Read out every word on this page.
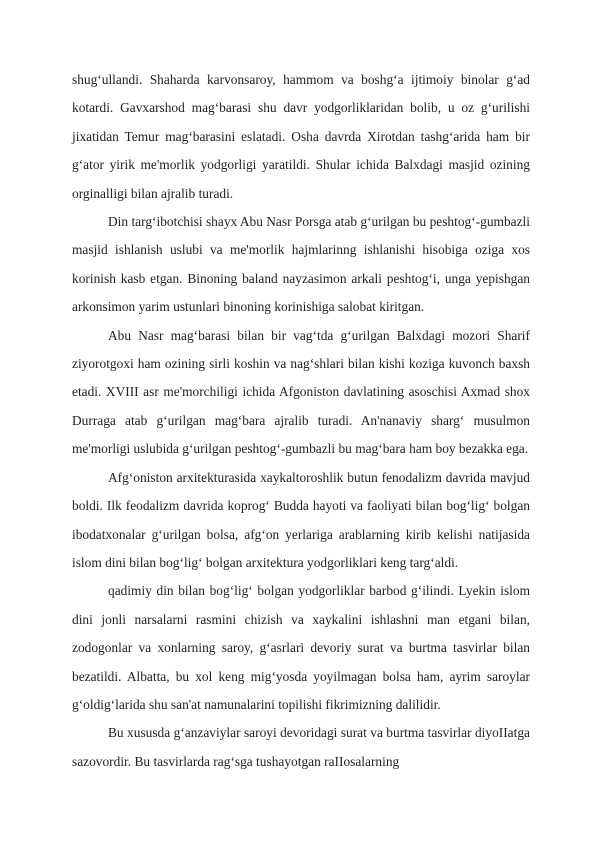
shug‘ullandi. Shaharda karvonsaroy, hammom va boshg‘a ijtimoiy binolar g‘ad kotardi. Gavxarshod mag‘barasi shu davr yodgorliklaridan bolib, u oz g‘urilishi jixatidan Temur mag‘barasini eslatadi. Osha davrda Xirotdan tashg‘arida ham bir g‘ator yirik me'morlik yodgorligi yaratildi. Shular ichida Balxdagi masjid ozining orginalligi bilan ajralib turadi.

Din targ‘ibotchisi shayx Abu Nasr Porsga atab g‘urilgan bu peshtog‘-gumbazli masjid ishlanish uslubi va me'morlik hajmlarinng ishlanishi hisobiga oziga xos korinish kasb etgan. Binoning baland nayzasimon arkali peshtog‘i, unga yepishgan arkonsimon yarim ustunlari binoning korinishiga salobat kiritgan.

Abu Nasr mag‘barasi bilan bir vag‘tda g‘urilgan Balxdagi mozori Sharif ziyorotgoxi ham ozining sirli koshin va nag‘shlari bilan kishi koziga kuvonch baxsh etadi. XVIII asr me'morchiligi ichida Afgoniston davlatining asoschisi Axmad shox Durraga atab g‘urilgan mag‘bara ajralib turadi. An'nanaviy sharg‘ musulmon me'morligi uslubida g‘urilgan peshtog‘-gumbazli bu mag‘bara ham boy bezakka ega.

Afg‘oniston arxitekturasida xaykaltoroshlik butun fenodalizm davrida mavjud boldi. Ilk feodalizm davrida koprog‘ Budda hayoti va faoliyati bilan bog‘lig‘ bolgan ibodatxonalar g‘urilgan bolsa, afg‘on yerlariga arablarning kirib kelishi natijasida islom dini bilan bog‘lig‘ bolgan arxitektura yodgorliklari keng targ‘aldi.

qadimiy din bilan bog‘lig‘ bolgan yodgorliklar barbod g‘ilindi. Lyekin islom dini jonli narsalarni rasmini chizish va xaykalini ishlashni man etgani bilan, zodogonlar va xonlarning saroy, g‘asrlari devoriy surat va burtma tasvirlar bilan bezatildi. Albatta, bu xol keng mig‘yosda yoyilmagan bolsa ham, ayrim saroylar g‘oldig‘larida shu san'at namunalarini topilishi fikrimizning dalilidir.

Bu xususda g‘anzaviylar saroyi devoridagi surat va burtma tasvirlar diyoIIatga sazovordir. Bu tasvirlarda rag‘sga tushayotgan raIIosalarning
